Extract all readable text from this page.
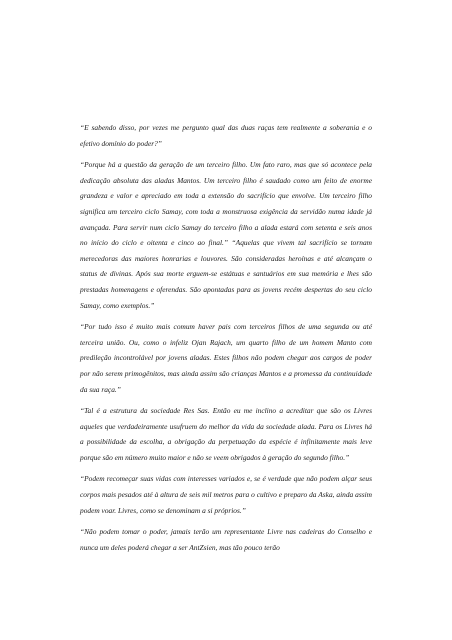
“E sabendo disso, por vezes me pergunto qual das duas raças tem realmente a soberania e o efetivo domínio do poder?”

“Porque há a questão da geração de um terceiro filho. Um fato raro, mas que só acontece pela dedicação absoluta das aladas Mantos. Um terceiro filho é saudado como um feito de enorme grandeza e valor e apreciado em toda a extensão do sacrifício que envolve. Um terceiro filho significa um terceiro ciclo Samay, com toda a monstruosa exigência da servidão numa idade já avançada. Para servir num ciclo Samay do terceiro filho a alada estará com setenta e seis anos no início do ciclo e oitenta e cinco ao final.” “Aquelas que vivem tal sacrifício se tornam merecedoras das maiores honrarias e louvores. São consideradas heroínas e até alcançam o status de divinas. Após sua morte erguem-se estátuas e santuários em sua memória e lhes são prestadas homenagens e oferendas. São apontadas para as jovens recém despertas do seu ciclo Samay, como exemplos.”

“Por tudo isso é muito mais comum haver pais com terceiros filhos de uma segunda ou até terceira união. Ou, como o infeliz Ojan Rajach, um quarto filho de um homem Manto com predileção incontrolável por jovens aladas. Estes filhos não podem chegar aos cargos de poder por não serem primogênitos, mas ainda assim são crianças Mantos e a promessa da continuidade da sua raça.”

“Tal é a estrutura da sociedade Res Sas. Então eu me inclino a acreditar que são os Livres aqueles que verdadeiramente usufruem do melhor da vida da sociedade alada. Para os Livres há a possibilidade da escolha, a obrigação da perpetuação da espécie é infinitamente mais leve porque são em número muito maior e não se veem obrigados à geração do segundo filho.”

“Podem recomeçar suas vidas com interesses variados e, se é verdade que não podem alçar seus corpos mais pesados até à altura de seis mil metros para o cultivo e preparo da Aska, ainda assim podem voar. Livres, como se denominam a si próprios.”

“Não podem tomar o poder, jamais terão um representante Livre nas cadeiras do Conselho e nunca um deles poderá chegar a ser AntZsien, mas tão pouco terão
